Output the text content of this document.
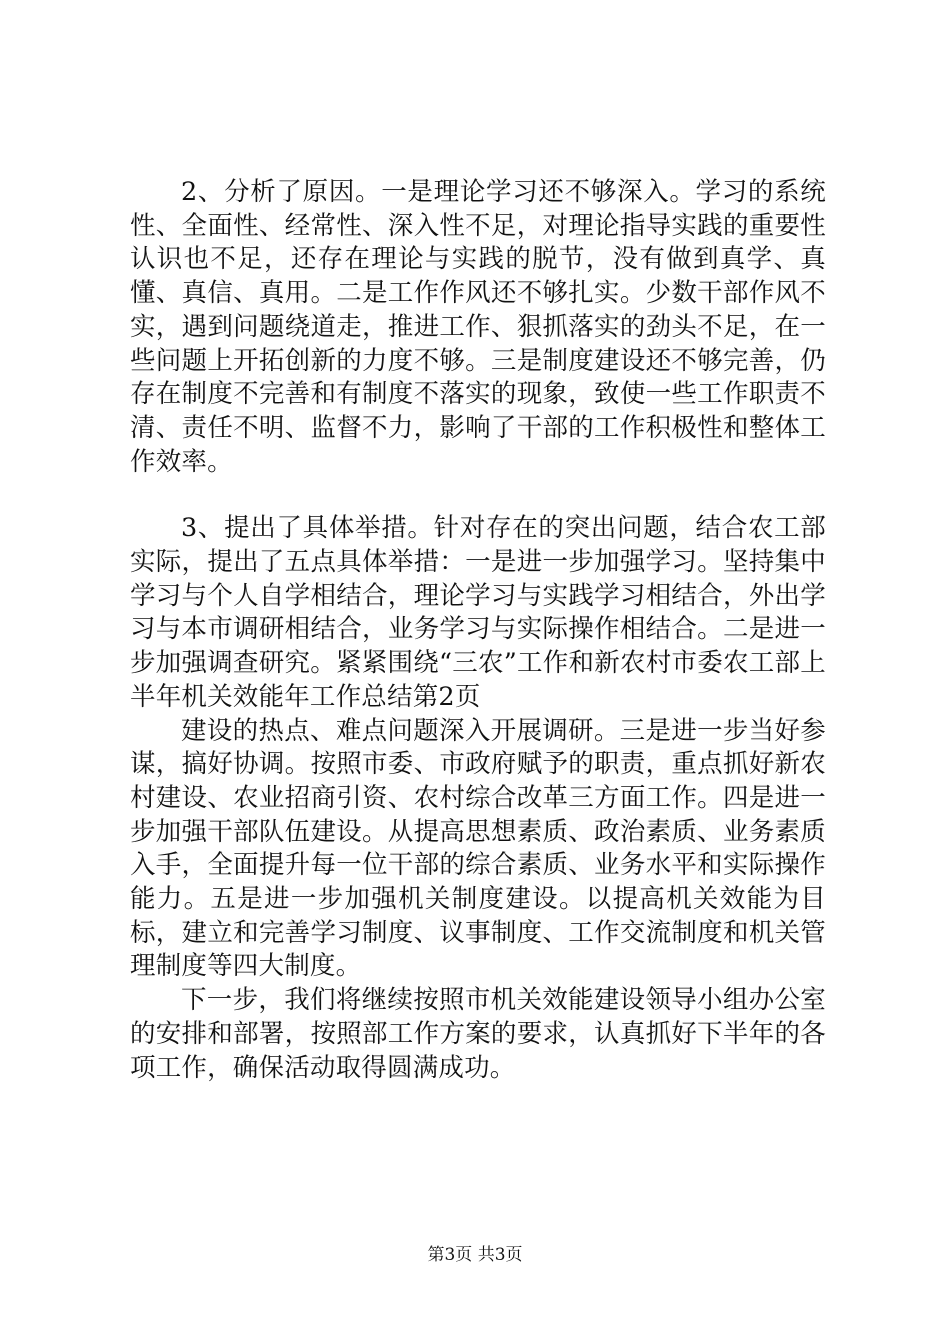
2、分析了原因。一是理论学习还不够深入。学习的系统性、全面性、经常性、深入性不足，对理论指导实践的重要性认识也不足，还存在理论与实践的脱节，没有做到真学、真懂、真信、真用。二是工作作风还不够扎实。少数干部作风不实，遇到问题绕道走，推进工作、狠抓落实的劲头不足，在一些问题上开拓创新的力度不够。三是制度建设还不够完善，仍存在制度不完善和有制度不落实的现象，致使一些工作职责不清、责任不明、监督不力，影响了干部的工作积极性和整体工作效率。

3、提出了具体举措。针对存在的突出问题，结合农工部实际，提出了五点具体举措：一是进一步加强学习。坚持集中学习与个人自学相结合，理论学习与实践学习相结合，外出学习与本市调研相结合，业务学习与实际操作相结合。二是进一步加强调查研究。紧紧围绕“三农”工作和新农村市委农工部上半年机关效能年工作总结第2页

建设的热点、难点问题深入开展调研。三是进一步当好参谋，搞好协调。按照市委、市政府赋予的职责，重点抓好新农村建设、农业招商引资、农村综合改革三方面工作。四是进一步加强干部队伍建设。从提高思想素质、政治素质、业务素质入手，全面提升每一位干部的综合素质、业务水平和实际操作能力。五是进一步加强机关制度建设。以提高机关效能为目标，建立和完善学习制度、议事制度、工作交流制度和机关管理制度等四大制度。

下一步，我们将继续按照市机关效能建设领导小组办公室的安排和部署，按照部工作方案的要求，认真抓好下半年的各项工作，确保活动取得圆满成功。

第3页 共3页
